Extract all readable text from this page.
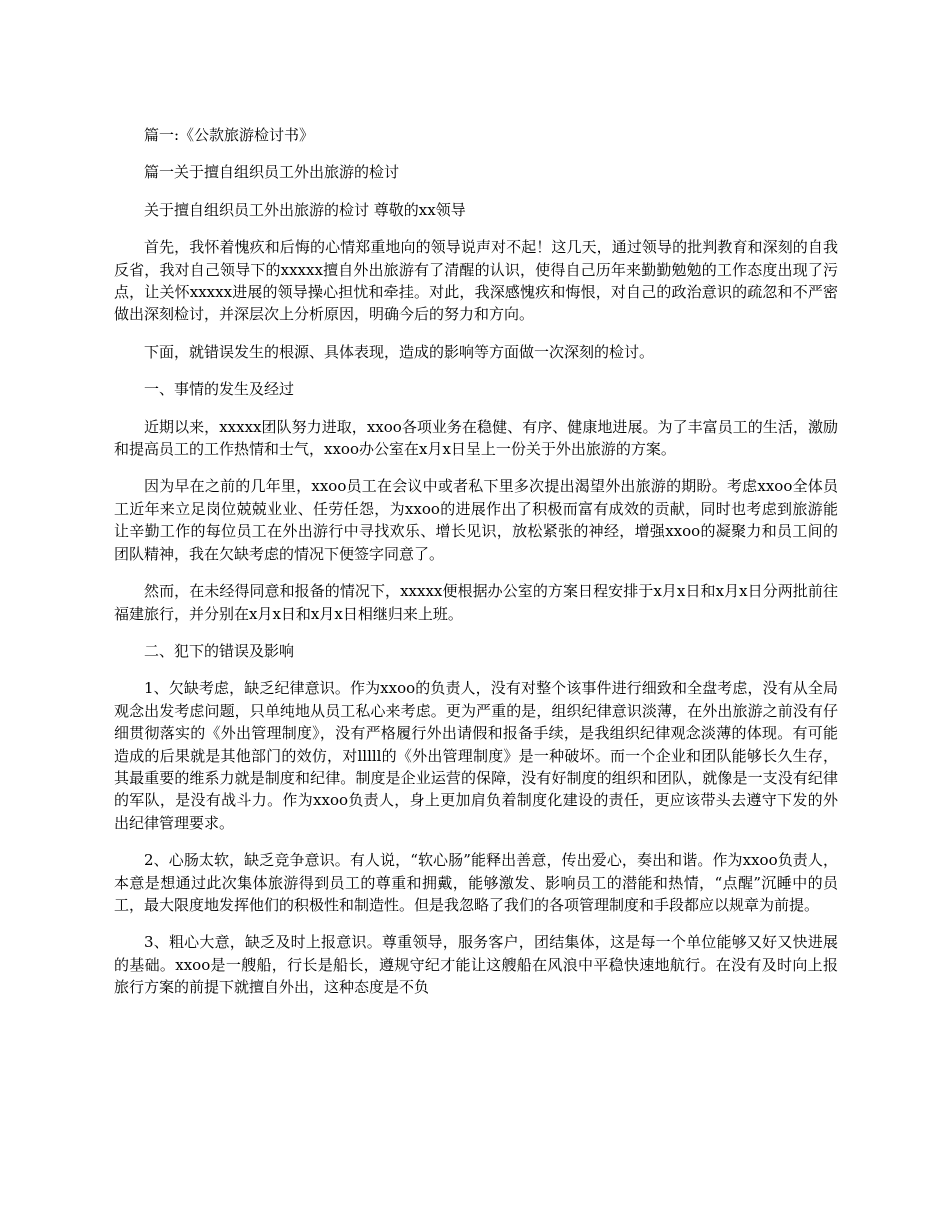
篇一:《公款旅游检讨书》

篇一关于擅自组织员工外出旅游的检讨

关于擅自组织员工外出旅游的检讨 尊敬的xx领导

首先，我怀着愧疚和后悔的心情郑重地向的领导说声对不起！这几天，通过领导的批判教育和深刻的自我反省，我对自己领导下的xxxxx擅自外出旅游有了清醒的认识，使得自己历年来勤勤勉勉的工作态度出现了污点，让关怀xxxxx进展的领导操心担忧和牵挂。对此，我深感愧疚和悔恨，对自己的政治意识的疏忽和不严密做出深刻检讨，并深层次上分析原因，明确今后的努力和方向。

下面，就错误发生的根源、具体表现，造成的影响等方面做一次深刻的检讨。

一、事情的发生及经过

近期以来，xxxxx团队努力进取，xxoo各项业务在稳健、有序、健康地进展。为了丰富员工的生活，激励和提高员工的工作热情和士气，xxoo办公室在x月x日呈上一份关于外出旅游的方案。

因为早在之前的几年里，xxoo员工在会议中或者私下里多次提出渴望外出旅游的期盼。考虑xxoo全体员工近年来立足岗位兢兢业业、任劳任怨，为xxoo的进展作出了积极而富有成效的贡献，同时也考虑到旅游能让辛勤工作的每位员工在外出游行中寻找欢乐、增长见识，放松紧张的神经，增强xxoo的凝聚力和员工间的团队精神，我在欠缺考虑的情况下便签字同意了。

然而，在未经得同意和报备的情况下，xxxxx便根据办公室的方案日程安排于x月x日和x月x日分两批前往福建旅行，并分别在x月x日和x月x日相继归来上班。

二、犯下的错误及影响

1、欠缺考虑，缺乏纪律意识。作为xxoo的负责人，没有对整个该事件进行细致和全盘考虑，没有从全局观念出发考虑问题，只单纯地从员工私心来考虑。更为严重的是，组织纪律意识淡薄，在外出旅游之前没有仔细贯彻落实的《外出管理制度》，没有严格履行外出请假和报备手续，是我组织纪律观念淡薄的体现。有可能造成的后果就是其他部门的效仿，对lllll的《外出管理制度》是一种破坏。而一个企业和团队能够长久生存，其最重要的维系力就是制度和纪律。制度是企业运营的保障，没有好制度的组织和团队，就像是一支没有纪律的军队，是没有战斗力。作为xxoo负责人，身上更加肩负着制度化建设的责任，更应该带头去遵守下发的外出纪律管理要求。

2、心肠太软，缺乏竞争意识。有人说，“软心肠”能释出善意，传出爱心，奏出和谐。作为xxoo负责人，本意是想通过此次集体旅游得到员工的尊重和拥戴，能够激发、影响员工的潜能和热情，“点醒”沉睡中的员工，最大限度地发挥他们的积极性和制造性。但是我忽略了我们的各项管理制度和手段都应以规章为前提。

3、粗心大意，缺乏及时上报意识。尊重领导，服务客户，团结集体，这是每一个单位能够又好又快进展的基础。xxoo是一艘船，行长是船长，遵规守纪才能让这艘船在风浪中平稳快速地航行。在没有及时向上报旅行方案的前提下就擅自外出，这种态度是不负
